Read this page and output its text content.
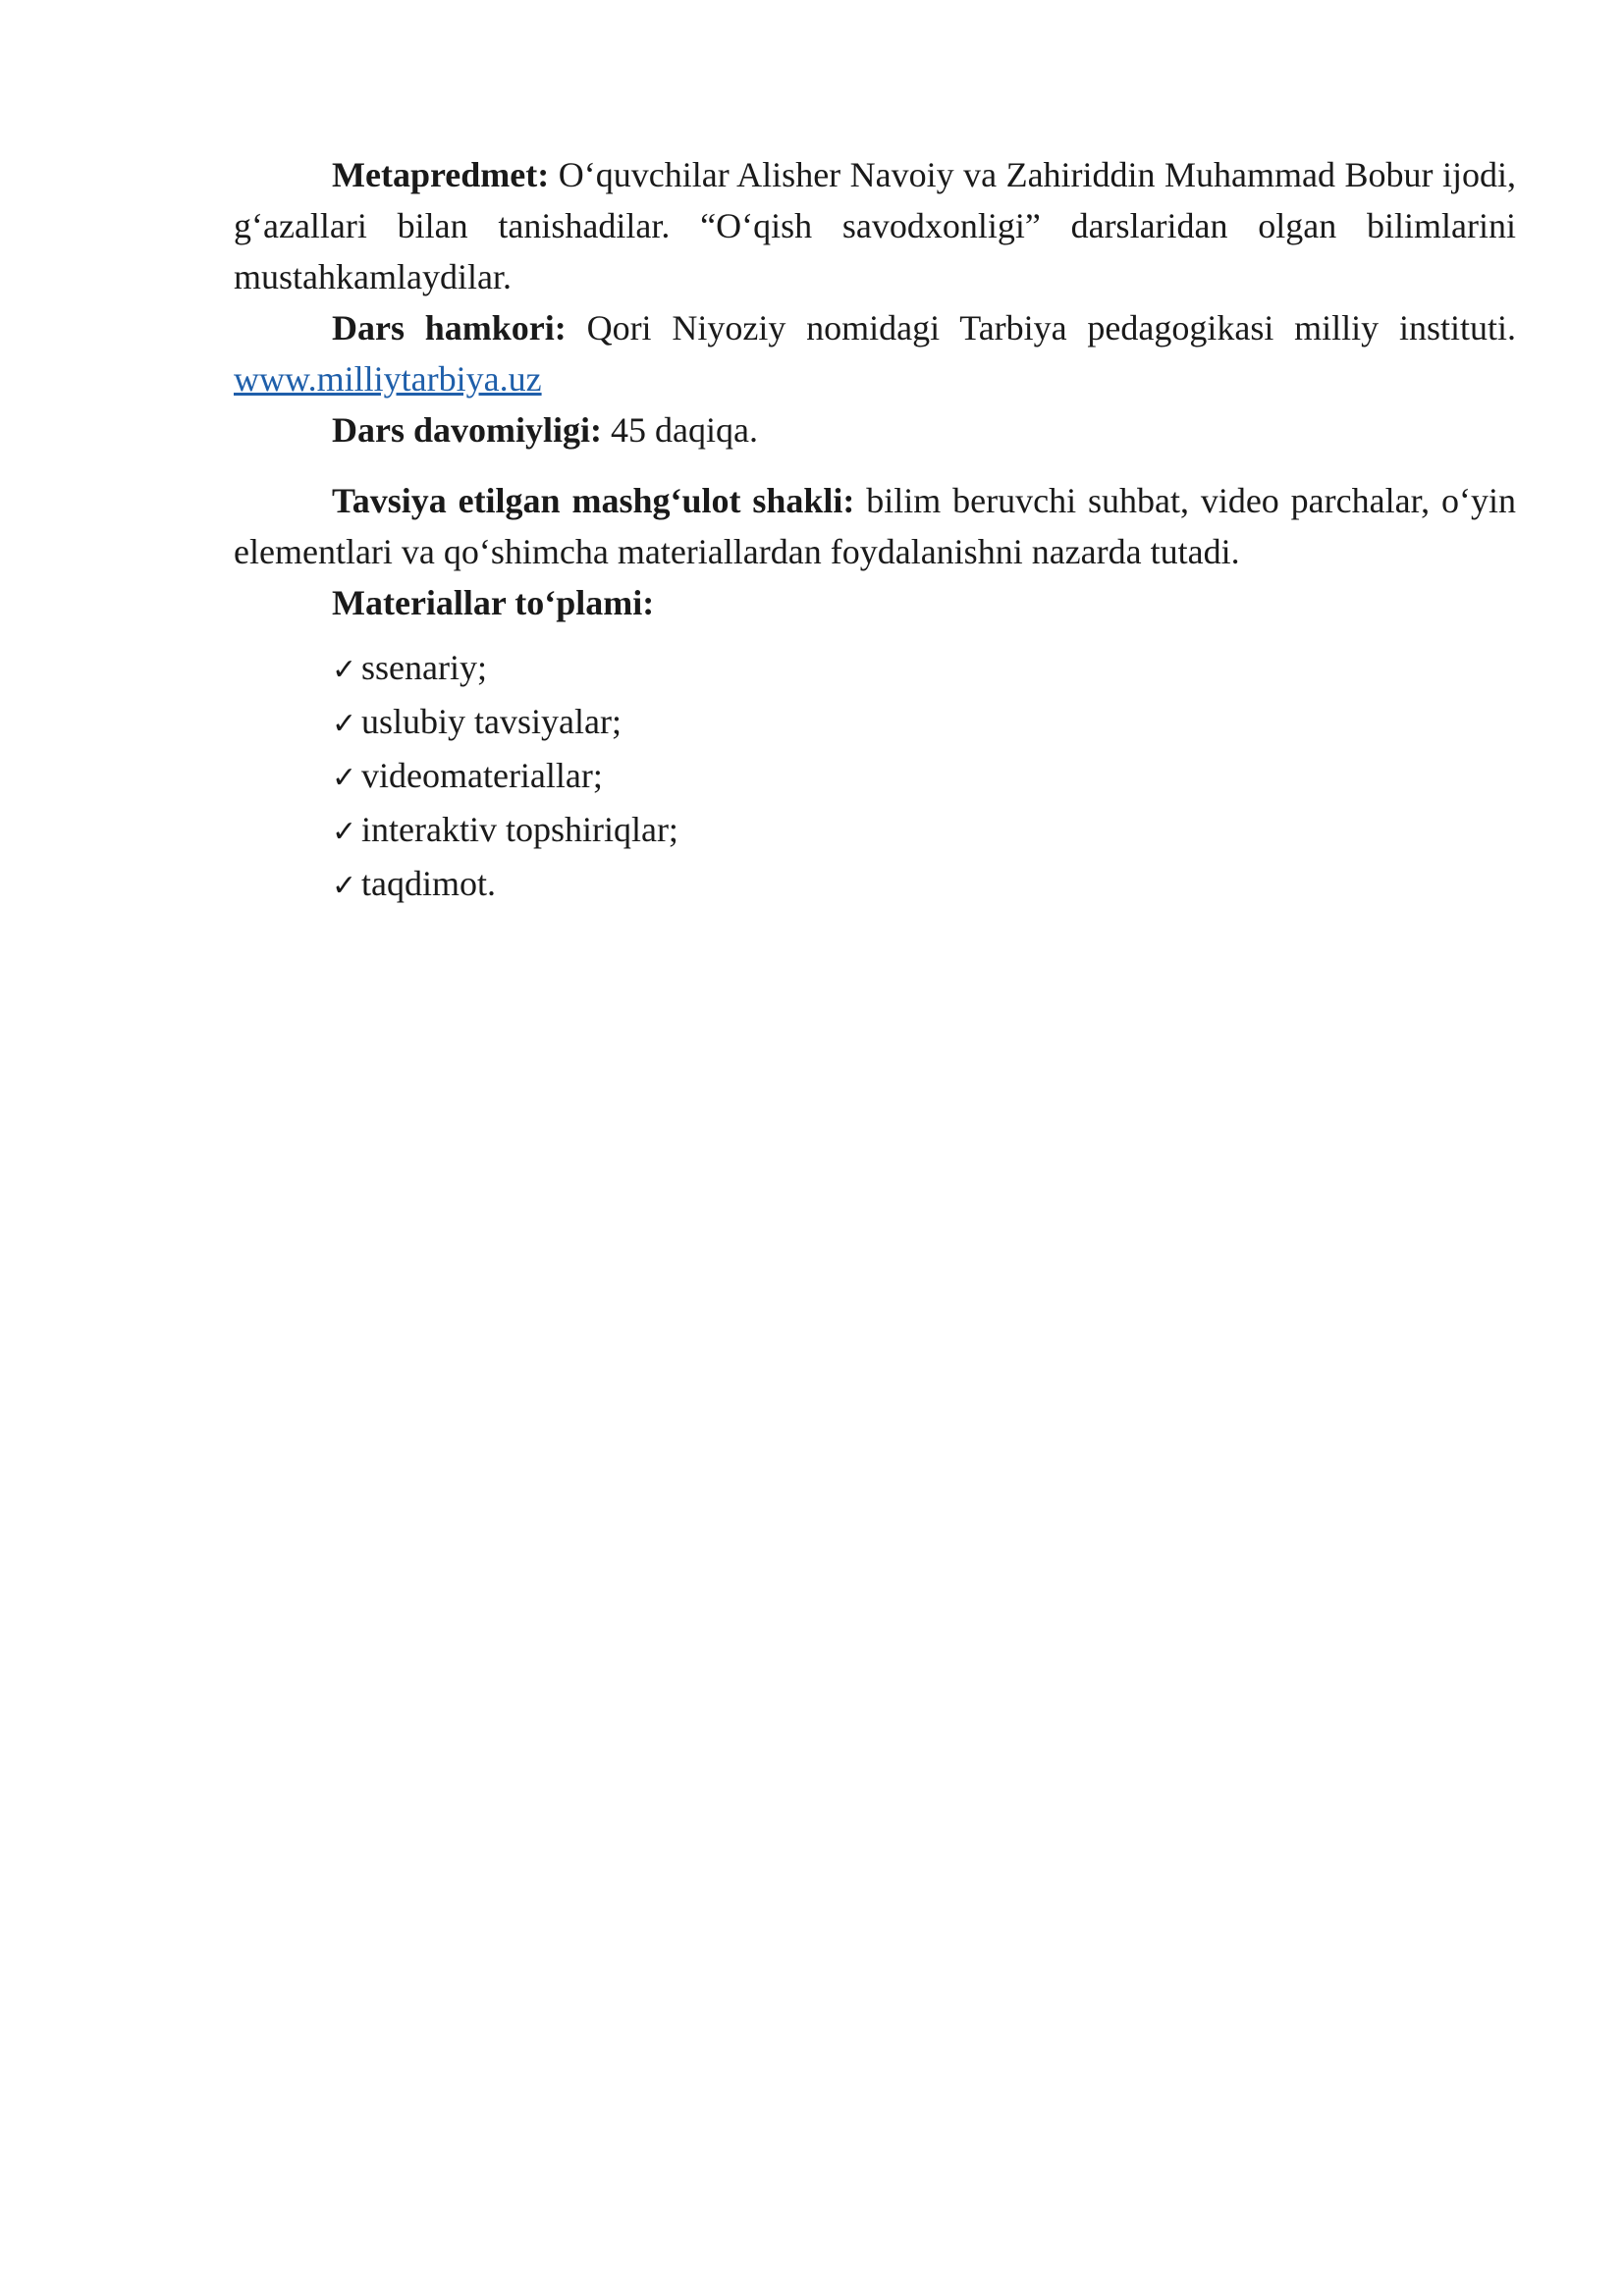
Metapredmet: O‘quvchilar Alisher Navoiy va Zahiriddin Muhammad Bobur ijodi, g‘azallari bilan tanishadilar. “O‘qish savodxonligi” darslaridan olgan bilimlarini mustahkamlaydilar.

Dars hamkori: Qori Niyoziy nomidagi Tarbiya pedagogikasi milliy instituti. www.milliytarbiya.uz

Dars davomiyligi: 45 daqiqa.

Tavsiya etilgan mashg‘ulot shakli: bilim beruvchi suhbat, video parchalar, o‘yin elementlari va qo‘shimcha materiallardan foydalanishni nazarda tutadi.

Materiallar to‘plami:

✓ ssenariy;
✓ uslubiy tavsiyalar;
✓ videomateriallar;
✓ interaktiv topshiriqlar;
✓ taqdimot.
